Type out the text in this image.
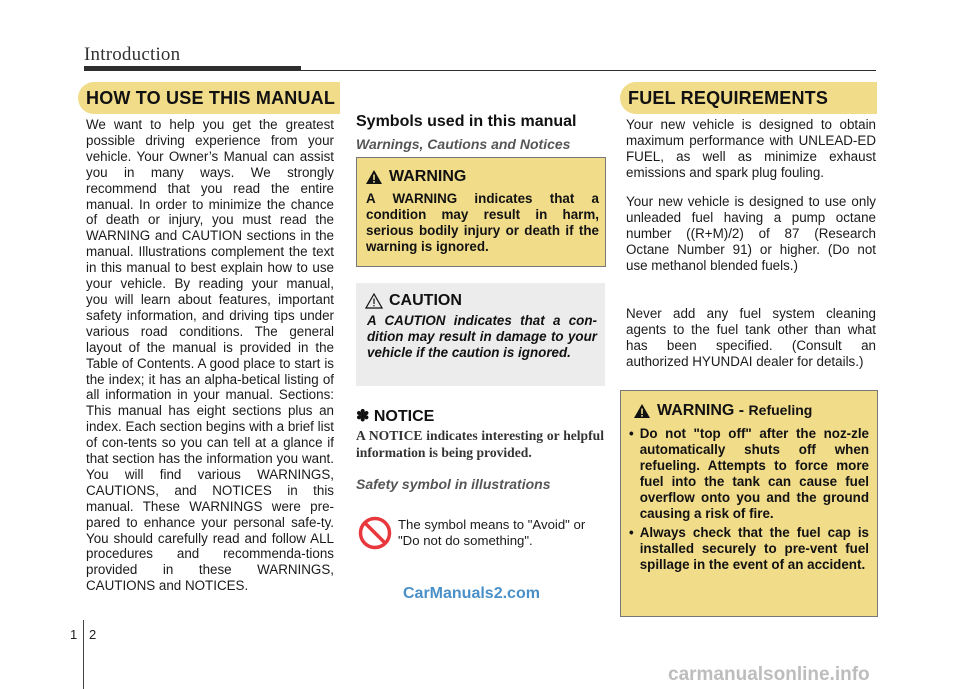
Introduction
HOW TO USE THIS MANUAL
We want to help you get the greatest possible driving experience from your vehicle. Your Owner’s Manual can assist you in many ways. We strongly recommend that you read the entire manual. In order to minimize the chance of death or injury, you must read the WARNING and CAUTION sections in the manual. Illustrations complement the text in this manual to best explain how to use your vehicle. By reading your manual, you will learn about features, important safety information, and driving tips under various road conditions. The general layout of the manual is provided in the Table of Contents. A good place to start is the index; it has an alpha-betical listing of all information in your manual. Sections: This manual has eight sections plus an index. Each section begins with a brief list of con-tents so you can tell at a glance if that section has the information you want. You will find various WARNINGS, CAUTIONS, and NOTICES in this manual. These WARNINGS were pre-pared to enhance your personal safe-ty. You should carefully read and follow ALL procedures and recommenda-tions provided in these WARNINGS, CAUTIONS and NOTICES.
Symbols used in this manual
Warnings, Cautions and Notices
WARNING
A WARNING indicates that a condition may result in harm, serious bodily injury or death if the warning is ignored.
CAUTION
A CAUTION indicates that a con-dition may result in damage to your vehicle if the caution is ignored.
✽ NOTICE
A NOTICE indicates interesting or helpful information is being provided.
Safety symbol in illustrations
The symbol means to "Avoid" or "Do not do something".
CarManuals2.com
FUEL REQUIREMENTS
Your new vehicle is designed to obtain maximum performance with UNLEAD-ED FUEL, as well as minimize exhaust emissions and spark plug fouling.
Your new vehicle is designed to use only unleaded fuel having a pump octane number ((R+M)/2) of 87 (Research Octane Number 91) or higher. (Do not use methanol blended fuels.)
Never add any fuel system cleaning agents to the fuel tank other than what has been specified. (Consult an authorized HYUNDAI dealer for details.)
WARNING - Refueling
• Do not "top off" after the noz-zle automatically shuts off when refueling. Attempts to force more fuel into the tank can cause fuel overflow onto you and the ground causing a risk of fire.
• Always check that the fuel cap is installed securely to pre-vent fuel spillage in the event of an accident.
1 2
carmanualsonline.info
